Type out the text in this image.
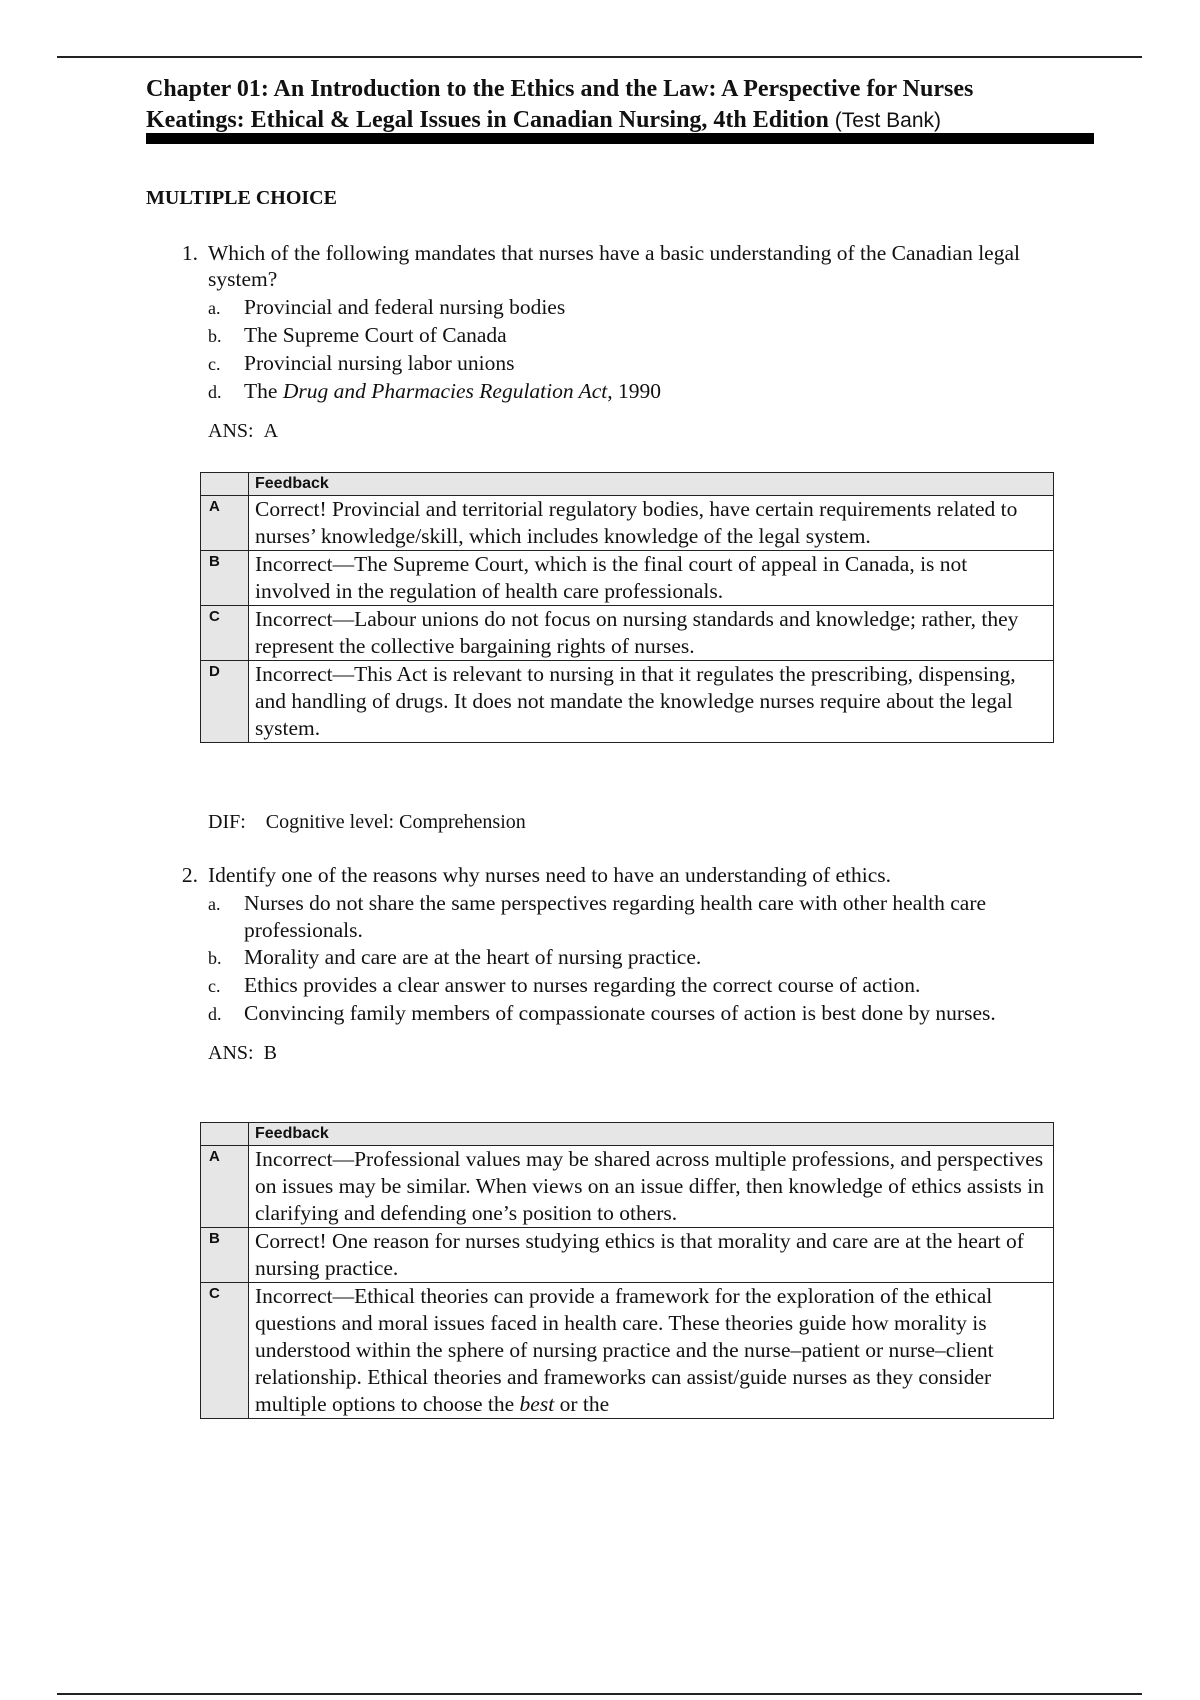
Chapter 01: An Introduction to the Ethics and the Law: A Perspective for Nurses
Keatings: Ethical & Legal Issues in Canadian Nursing, 4th Edition (Test Bank)
MULTIPLE CHOICE
1. Which of the following mandates that nurses have a basic understanding of the Canadian legal system?
a.	Provincial and federal nursing bodies
b.	The Supreme Court of Canada
c.	Provincial nursing labor unions
d.	The Drug and Pharmacies Regulation Act, 1990
ANS: A
	Feedback
A	Correct! Provincial and territorial regulatory bodies, have certain requirements related to nurses’ knowledge/skill, which includes knowledge of the legal system.
B	Incorrect—The Supreme Court, which is the final court of appeal in Canada, is not involved in the regulation of health care professionals.
C	Incorrect—Labour unions do not focus on nursing standards and knowledge; rather, they represent the collective bargaining rights of nurses.
D	Incorrect—This Act is relevant to nursing in that it regulates the prescribing, dispensing, and handling of drugs. It does not mandate the knowledge nurses require about the legal system.
DIF: Cognitive level: Comprehension
2. Identify one of the reasons why nurses need to have an understanding of ethics.
a.	Nurses do not share the same perspectives regarding health care with other health care professionals.
b.	Morality and care are at the heart of nursing practice.
c.	Ethics provides a clear answer to nurses regarding the correct course of action.
d.	Convincing family members of compassionate courses of action is best done by nurses.
ANS: B
	Feedback
A	Incorrect—Professional values may be shared across multiple professions, and perspectives on issues may be similar. When views on an issue differ, then knowledge of ethics assists in clarifying and defending one’s position to others.
B	Correct! One reason for nurses studying ethics is that morality and care are at the heart of nursing practice.
C	Incorrect—Ethical theories can provide a framework for the exploration of the ethical questions and moral issues faced in health care. These theories guide how morality is understood within the sphere of nursing practice and the nurse–patient or nurse–client relationship. Ethical theories and frameworks can assist/guide nurses as they consider multiple options to choose the best or the
